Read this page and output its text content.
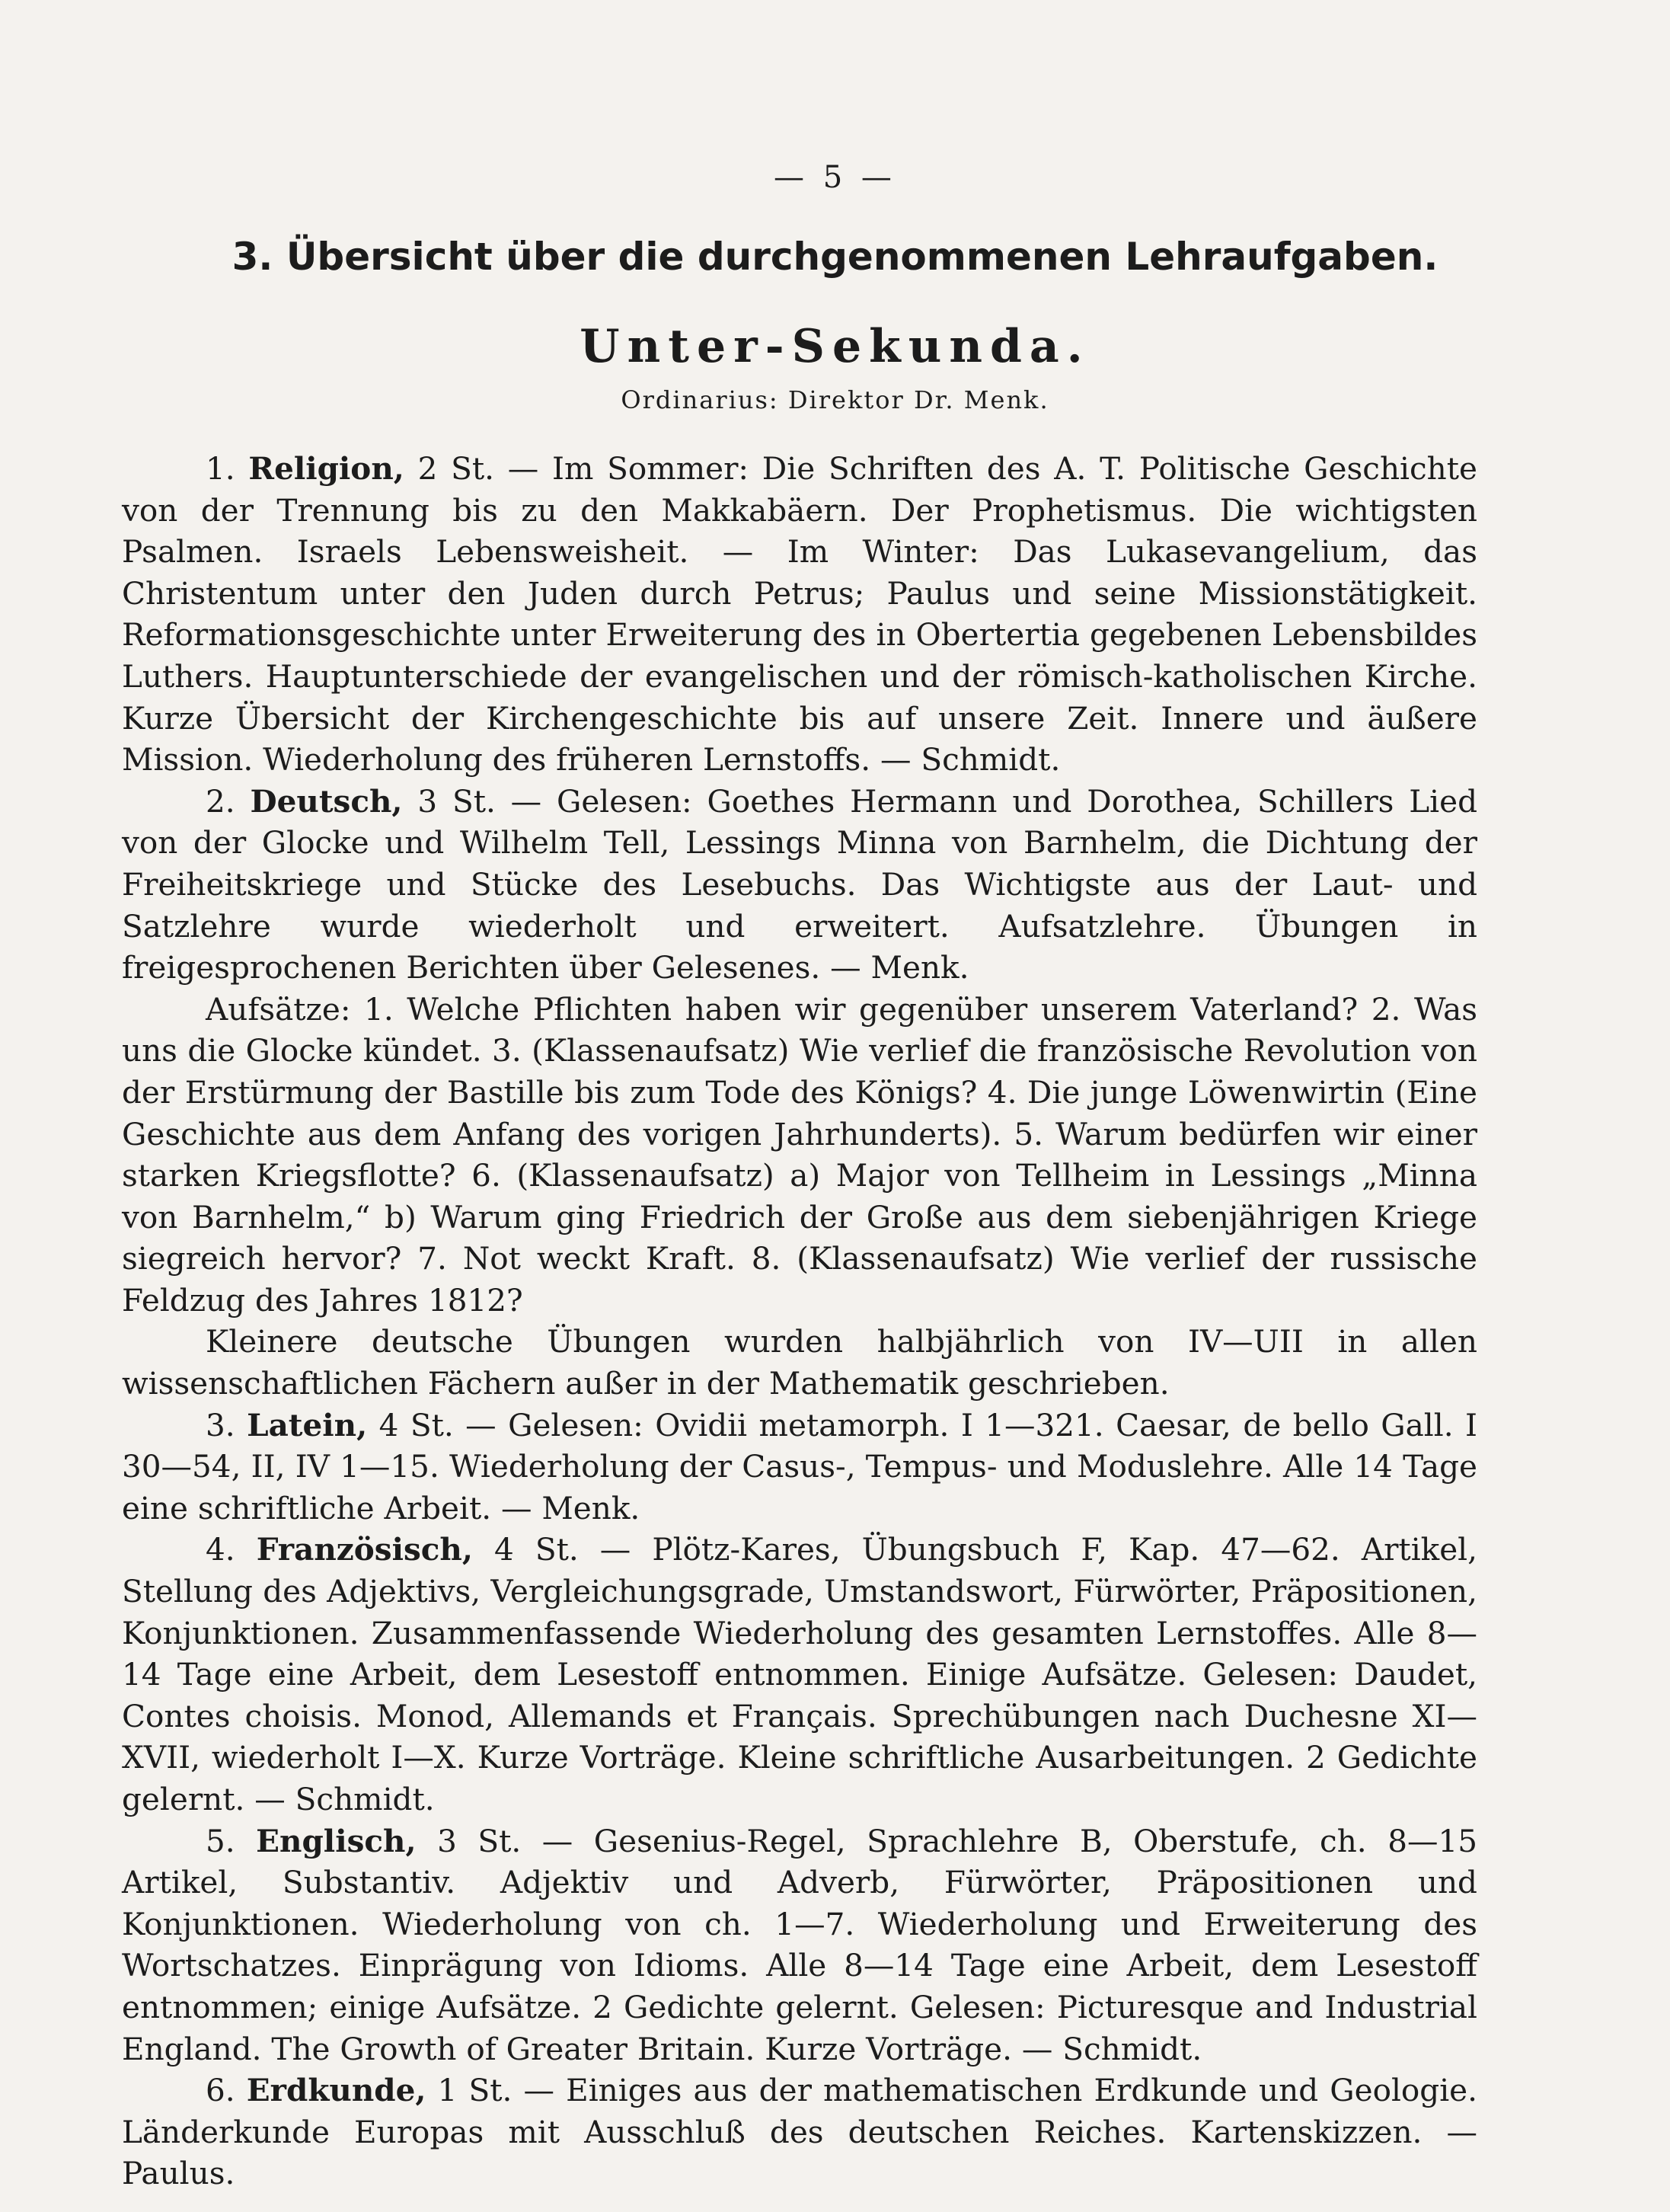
— 5 —
3. Übersicht über die durchgenommenen Lehraufgaben.
Unter-Sekunda.
Ordinarius: Direktor Dr. Menk.

1. Religion, 2 St. — Im Sommer: Die Schriften des A. T. Politische Geschichte von der Trennung bis zu den Makkabäern. Der Prophetismus. Die wichtigsten Psalmen. Israels Lebensweisheit. — Im Winter: Das Lukasevangelium, das Christentum unter den Juden durch Petrus; Paulus und seine Missionstätigkeit. Reformationsgeschichte unter Erweiterung des in Obertertia gegebenen Lebensbildes Luthers. Hauptunterschiede der evangelischen und der römisch-katholischen Kirche. Kurze Übersicht der Kirchengeschichte bis auf unsere Zeit. Innere und äußere Mission. Wiederholung des früheren Lernstoffs. — Schmidt.

2. Deutsch, 3 St. — Gelesen: Goethes Hermann und Dorothea, Schillers Lied von der Glocke und Wilhelm Tell, Lessings Minna von Barnhelm, die Dichtung der Freiheitskriege und Stücke des Lesebuchs. Das Wichtigste aus der Laut- und Satzlehre wurde wiederholt und erweitert. Aufsatzlehre. Übungen in freigesprochenen Berichten über Gelesenes. — Menk.

Aufsätze: 1. Welche Pflichten haben wir gegenüber unserem Vaterland? 2. Was uns die Glocke kündet. 3. (Klassenaufsatz) Wie verlief die französische Revolution von der Erstürmung der Bastille bis zum Tode des Königs? 4. Die junge Löwenwirtin (Eine Geschichte aus dem Anfang des vorigen Jahrhunderts). 5. Warum bedürfen wir einer starken Kriegsflotte? 6. (Klassenaufsatz) a) Major von Tellheim in Lessings „Minna von Barnhelm,“ b) Warum ging Friedrich der Große aus dem siebenjährigen Kriege siegreich hervor? 7. Not weckt Kraft. 8. (Klassenaufsatz) Wie verlief der russische Feldzug des Jahres 1812?

Kleinere deutsche Übungen wurden halbjährlich von IV—UII in allen wissenschaftlichen Fächern außer in der Mathematik geschrieben.

3. Latein, 4 St. — Gelesen: Ovidii metamorph. I 1—321. Caesar, de bello Gall. I 30—54, II, IV 1—15. Wiederholung der Casus-, Tempus- und Moduslehre. Alle 14 Tage eine schriftliche Arbeit. — Menk.

4. Französisch, 4 St. — Plötz-Kares, Übungsbuch F, Kap. 47—62. Artikel, Stellung des Adjektivs, Vergleichungsgrade, Umstandswort, Fürwörter, Präpositionen, Konjunktionen. Zusammenfassende Wiederholung des gesamten Lernstoffes. Alle 8—14 Tage eine Arbeit, dem Lesestoff entnommen. Einige Aufsätze. Gelesen: Daudet, Contes choisis. Monod, Allemands et Français. Sprechübungen nach Duchesne XI—XVII, wiederholt I—X. Kurze Vorträge. Kleine schriftliche Ausarbeitungen. 2 Gedichte gelernt. — Schmidt.

5. Englisch, 3 St. — Gesenius-Regel, Sprachlehre B, Oberstufe, ch. 8—15 Artikel, Substantiv. Adjektiv und Adverb, Fürwörter, Präpositionen und Konjunktionen. Wiederholung von ch. 1—7. Wiederholung und Erweiterung des Wortschatzes. Einprägung von Idioms. Alle 8—14 Tage eine Arbeit, dem Lesestoff entnommen; einige Aufsätze. 2 Gedichte gelernt. Gelesen: Picturesque and Industrial England. The Growth of Greater Britain. Kurze Vorträge. — Schmidt.

6. Erdkunde, 1 St. — Einiges aus der mathematischen Erdkunde und Geologie. Länderkunde Europas mit Ausschluß des deutschen Reiches. Kartenskizzen. — Paulus.
